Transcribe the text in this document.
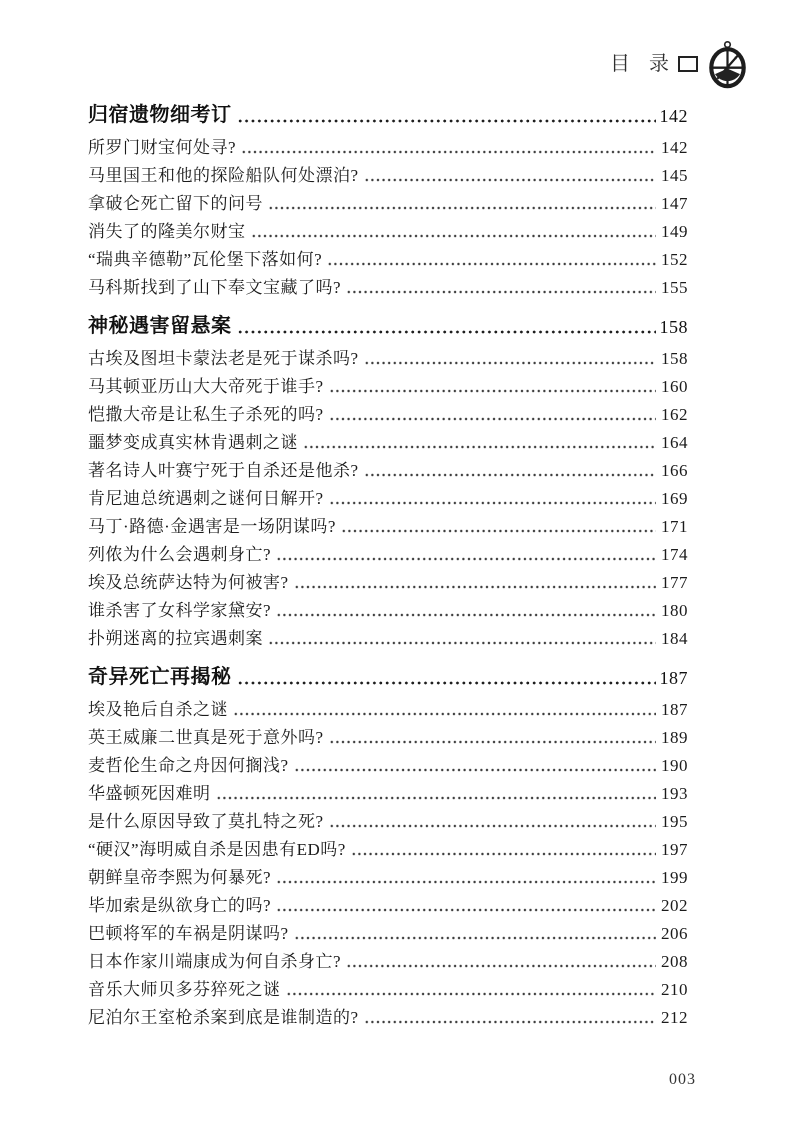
目 录
归宿遗物细考订	142
所罗门财宝何处寻?	142
马里国王和他的探险船队何处漂泊?	145
拿破仑死亡留下的问号	147
消失了的隆美尔财宝	149
“瑞典辛德勒”瓦伦堡下落如何?	152
马科斯找到了山下奉文宝藏了吗?	155
神秘遇害留悬案	158
古埃及图坦卡蒙法老是死于谋杀吗?	158
马其顿亚历山大大帝死于谁手?	160
恺撒大帝是让私生子杀死的吗?	162
噩梦变成真实林肯遇刺之谜	164
著名诗人叶赛宁死于自杀还是他杀?	166
肯尼迪总统遇刺之谜何日解开?	169
马丁·路德·金遇害是一场阴谋吗?	171
列侬为什么会遇刺身亡?	174
埃及总统萨达特为何被害?	177
谁杀害了女科学家黛安?	180
扑朔迷离的拉宾遇刺案	184
奇异死亡再揭秘	187
埃及艳后自杀之谜	187
英王威廉二世真是死于意外吗?	189
麦哲伦生命之舟因何搁浅?	190
华盛顿死因难明	193
是什么原因导致了莫扎特之死?	195
“硬汉”海明威自杀是因患有ED吗?	197
朝鲜皇帝李熙为何暴死?	199
毕加索是纵欲身亡的吗?	202
巴顿将军的车祸是阴谋吗?	206
日本作家川端康成为何自杀身亡?	208
音乐大师贝多芬猝死之谜	210
尼泊尔王室枪杀案到底是谁制造的?	212
003
